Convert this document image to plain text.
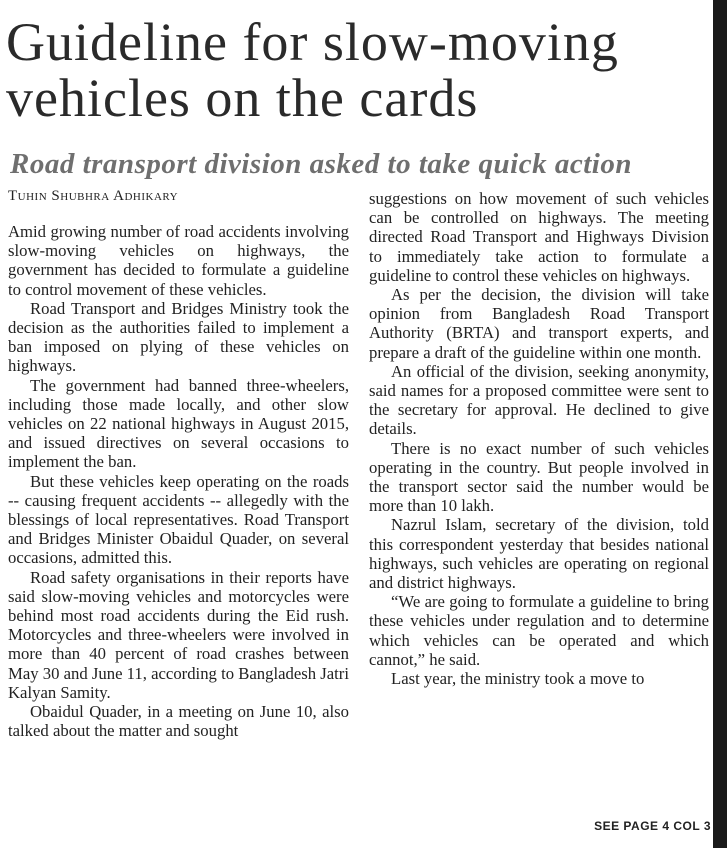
Guideline for slow-moving vehicles on the cards
Road transport division asked to take quick action
Tuhin Shubhra Adhikary

Amid growing number of road accidents involving slow-moving vehicles on highways, the government has decided to formulate a guideline to control movement of these vehicles.

Road Transport and Bridges Ministry took the decision as the authorities failed to implement a ban imposed on plying of these vehicles on highways.

The government had banned three-wheelers, including those made locally, and other slow vehicles on 22 national highways in August 2015, and issued directives on several occasions to implement the ban.

But these vehicles keep operating on the roads -- causing frequent accidents -- allegedly with the blessings of local representatives. Road Transport and Bridges Minister Obaidul Quader, on several occasions, admitted this.

Road safety organisations in their reports have said slow-moving vehicles and motorcycles were behind most road accidents during the Eid rush. Motorcycles and three-wheelers were involved in more than 40 percent of road crashes between May 30 and June 11, according to Bangladesh Jatri Kalyan Samity.

Obaidul Quader, in a meeting on June 10, also talked about the matter and sought

suggestions on how movement of such vehicles can be controlled on highways. The meeting directed Road Transport and Highways Division to immediately take action to formulate a guideline to control these vehicles on highways.

As per the decision, the division will take opinion from Bangladesh Road Transport Authority (BRTA) and transport experts, and prepare a draft of the guideline within one month.

An official of the division, seeking anonymity, said names for a proposed committee were sent to the secretary for approval. He declined to give details.

There is no exact number of such vehicles operating in the country. But people involved in the transport sector said the number would be more than 10 lakh.

Nazrul Islam, secretary of the division, told this correspondent yesterday that besides national highways, such vehicles are operating on regional and district highways.

“We are going to formulate a guideline to bring these vehicles under regulation and to determine which vehicles can be operated and which cannot,” he said.

Last year, the ministry took a move to

SEE PAGE 4 COL 3
